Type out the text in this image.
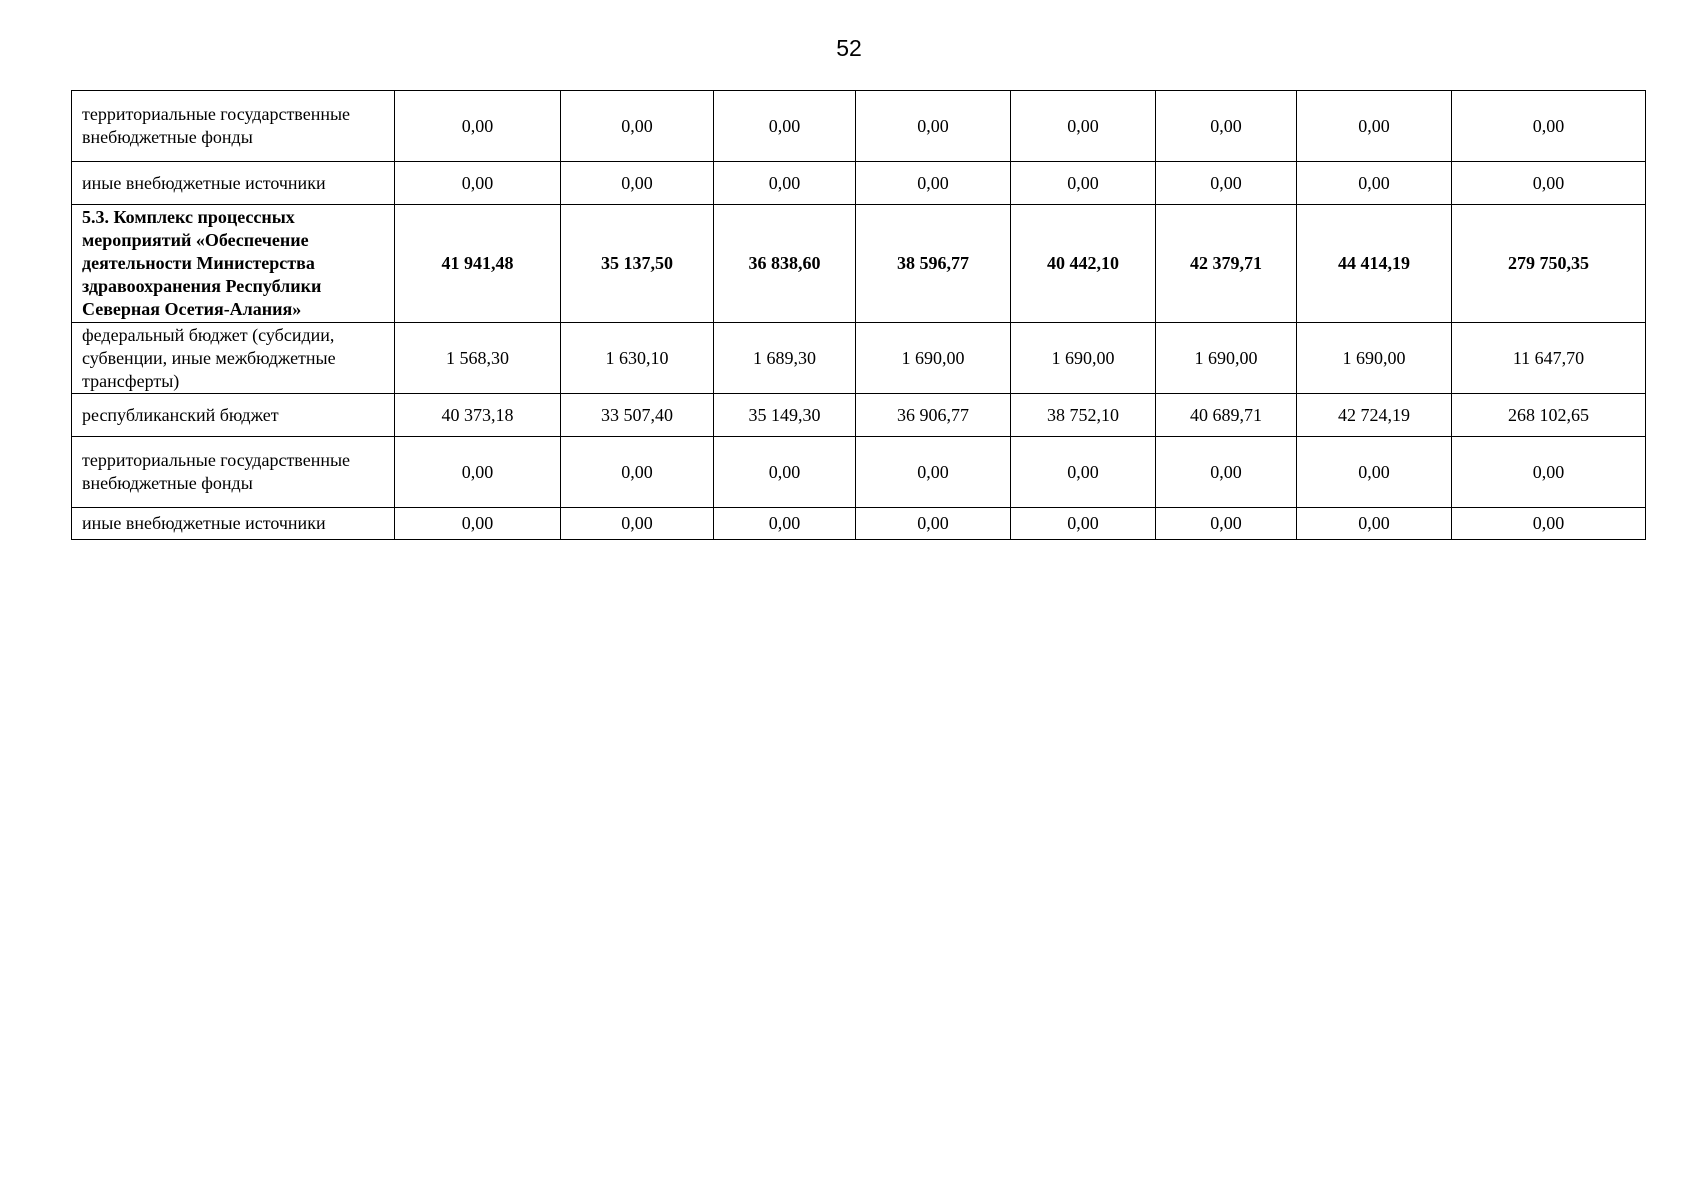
52
территориальные государственные внебюджетные фонды	0,00	0,00	0,00	0,00	0,00	0,00	0,00	0,00
иные внебюджетные источники	0,00	0,00	0,00	0,00	0,00	0,00	0,00	0,00
5.3. Комплекс процессных мероприятий «Обеспечение деятельности Министерства здравоохранения Республики Северная Осетия-Алания»	41 941,48	35 137,50	36 838,60	38 596,77	40 442,10	42 379,71	44 414,19	279 750,35
федеральный бюджет (субсидии, субвенции, иные межбюджетные трансферты)	1 568,30	1 630,10	1 689,30	1 690,00	1 690,00	1 690,00	1 690,00	11 647,70
республиканский бюджет	40 373,18	33 507,40	35 149,30	36 906,77	38 752,10	40 689,71	42 724,19	268 102,65
территориальные государственные внебюджетные фонды	0,00	0,00	0,00	0,00	0,00	0,00	0,00	0,00
иные внебюджетные источники	0,00	0,00	0,00	0,00	0,00	0,00	0,00	0,00
